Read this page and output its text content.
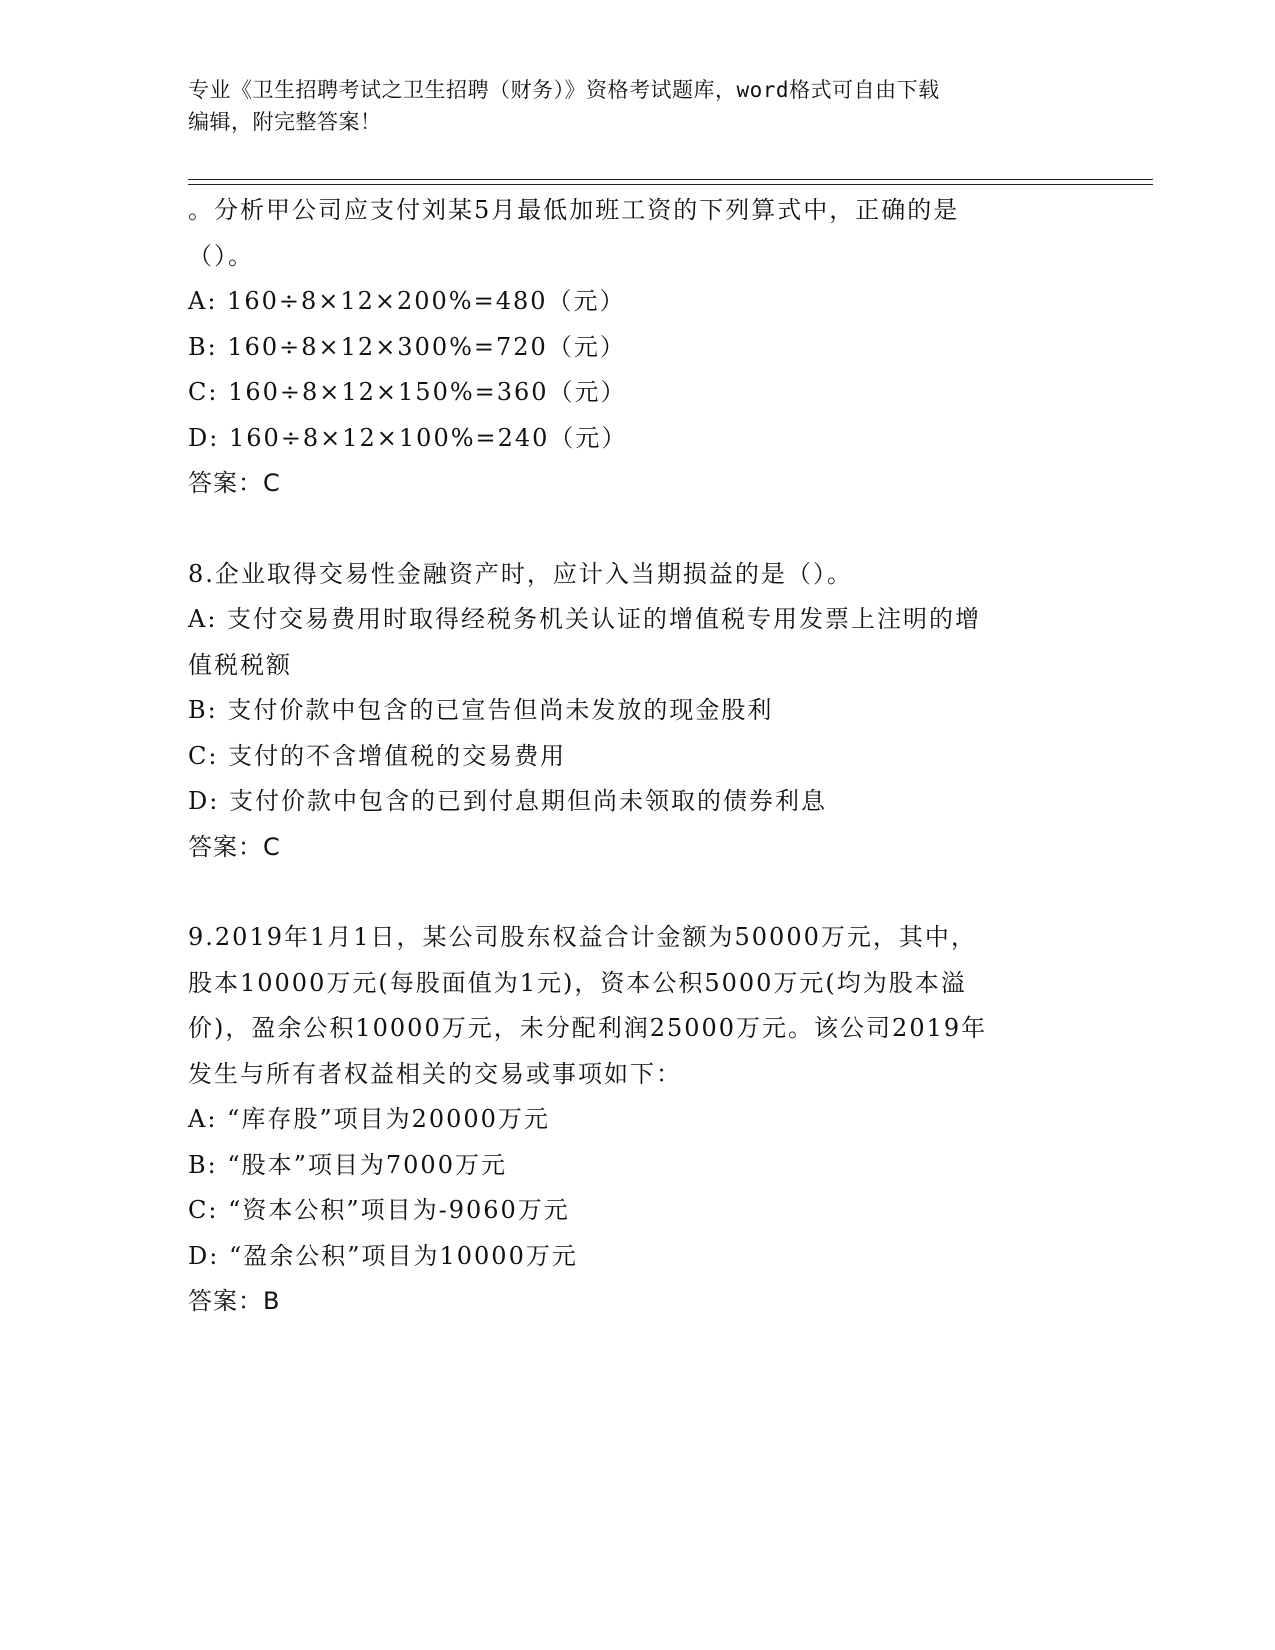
专业《卫生招聘考试之卫生招聘（财务）》资格考试题库，word格式可自由下载
编辑，附完整答案！
。分析甲公司应支付刘某5月最低加班工资的下列算式中，正确的是
（）。
A: 160÷8×12×200%=480（元）
B: 160÷8×12×300%=720（元）
C: 160÷8×12×150%=360（元）
D: 160÷8×12×100%=240（元）
答案：C
8.企业取得交易性金融资产时，应计入当期损益的是（）。
A: 支付交易费用时取得经税务机关认证的增值税专用发票上注明的增
值税税额
B: 支付价款中包含的已宣告但尚未发放的现金股利
C: 支付的不含增值税的交易费用
D: 支付价款中包含的已到付息期但尚未领取的债券利息
答案：C
9.2019年1月1日，某公司股东权益合计金额为50000万元，其中，
股本10000万元(每股面值为1元)，资本公积5000万元(均为股本溢
价)，盈余公积10000万元，未分配利润25000万元。该公司2019年
发生与所有者权益相关的交易或事项如下：
A: “库存股”项目为20000万元
B: “股本”项目为7000万元
C: “资本公积”项目为-9060万元
D: “盈余公积”项目为10000万元
答案：B
